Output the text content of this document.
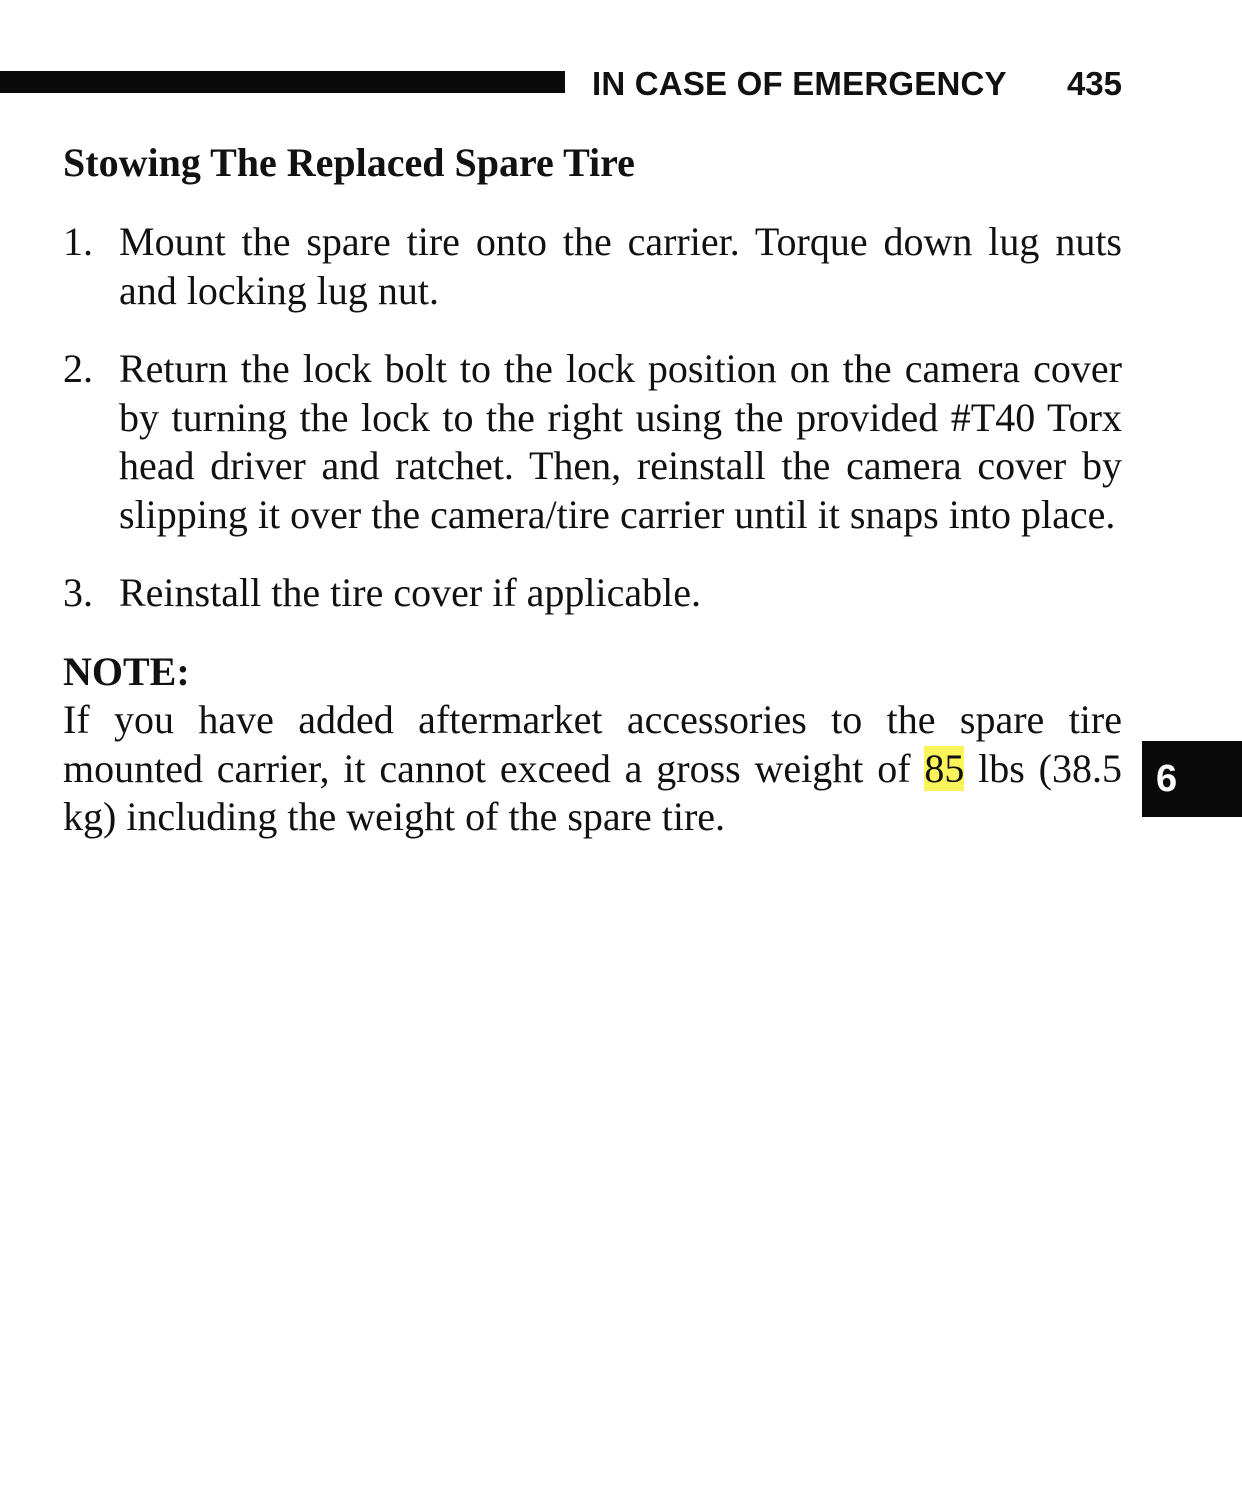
IN CASE OF EMERGENCY 435
Stowing The Replaced Spare Tire
1. Mount the spare tire onto the carrier. Torque down lug nuts and locking lug nut.
2. Return the lock bolt to the lock position on the camera cover by turning the lock to the right using the provided #T40 Torx head driver and ratchet. Then, reinstall the camera cover by slipping it over the camera/tire carrier until it snaps into place.
3. Reinstall the tire cover if applicable.

NOTE:

If you have added aftermarket accessories to the spare tire mounted carrier, it cannot exceed a gross weight of 85 lbs (38.5 kg) including the weight of the spare tire.

6
